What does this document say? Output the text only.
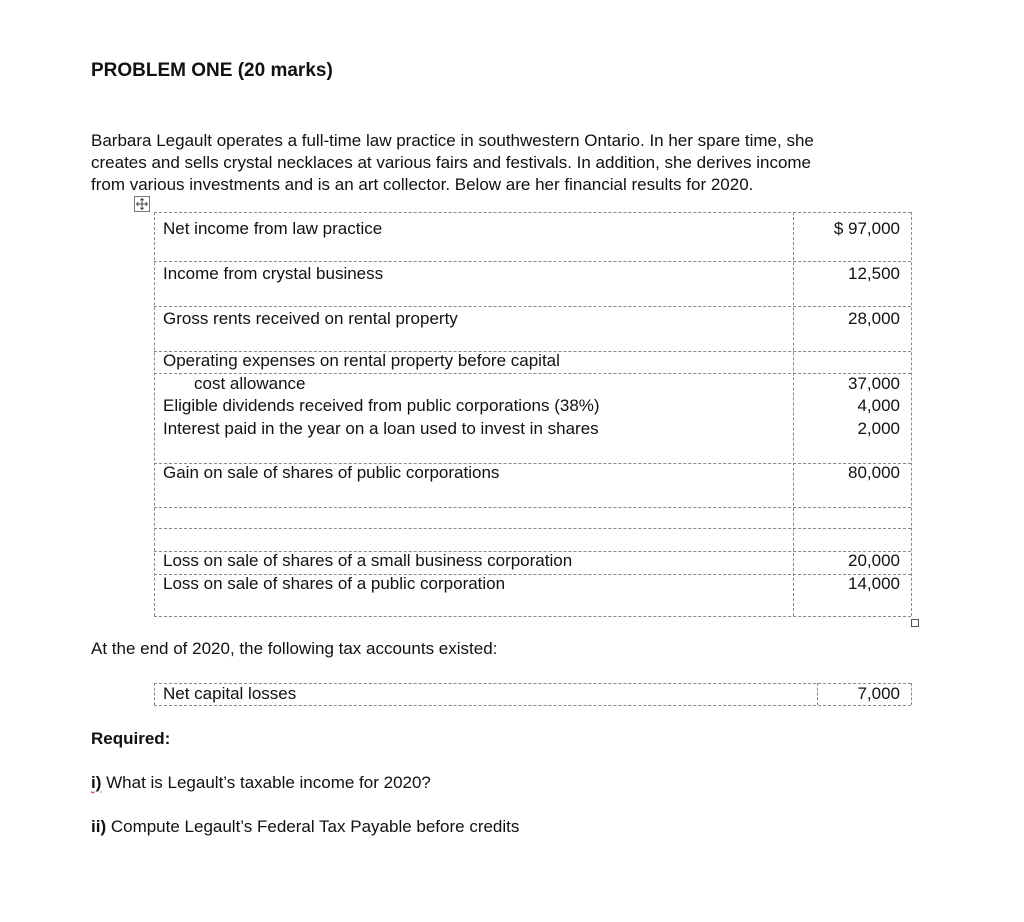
PROBLEM ONE (20 marks)
Barbara Legault operates a full-time law practice in southwestern Ontario. In her spare time, she
creates and sells crystal necklaces at various fairs and festivals. In addition, she derives income
from various investments and is an art collector. Below are her financial results for 2020.
Net income from law practice	$ 97,000
Income from crystal business	12,500
Gross rents received on rental property	28,000
Operating expenses on rental property before capital
cost allowance	37,000
Eligible dividends received from public corporations (38%)	4,000
Interest paid in the year on a loan used to invest in shares	2,000
Gain on sale of shares of public corporations	80,000
Loss on sale of shares of a small business corporation	20,000
Loss on sale of shares of a public corporation	14,000
At the end of 2020, the following tax accounts existed:
Net capital losses	7,000
Required:
i) What is Legault’s taxable income for 2020?
ii) Compute Legault’s Federal Tax Payable before credits
